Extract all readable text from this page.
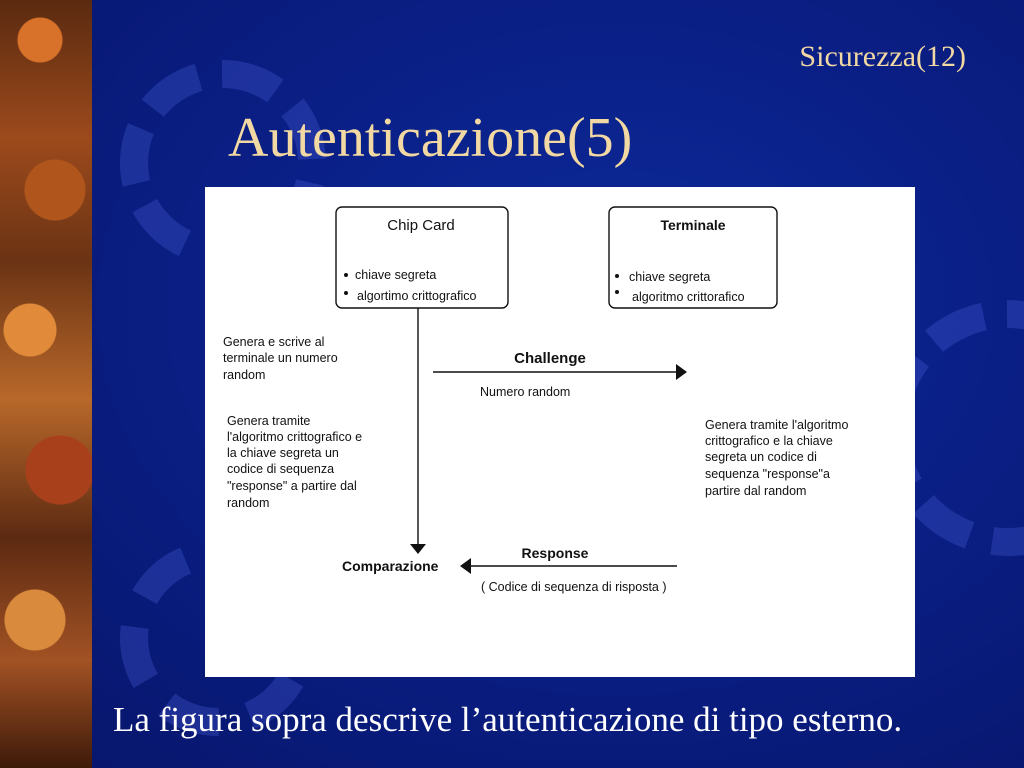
Sicurezza(12)
Autenticazione(5)
Chip Card
chiave segreta
algortimo crittografico
Terminale
chiave segreta
algoritmo crittorafico
Genera e scrive al
terminale un numero
random
Challenge
Numero random
Genera tramite
l'algoritmo crittografico e
la chiave segreta un
codice di sequenza
"response" a partire dal
random
Genera tramite l'algoritmo
crittografico e la chiave
segreta un codice di
sequenza "response"a
partire dal random
Comparazione
Response
( Codice di sequenza di risposta )
La figura sopra descrive l’autenticazione di tipo esterno.
